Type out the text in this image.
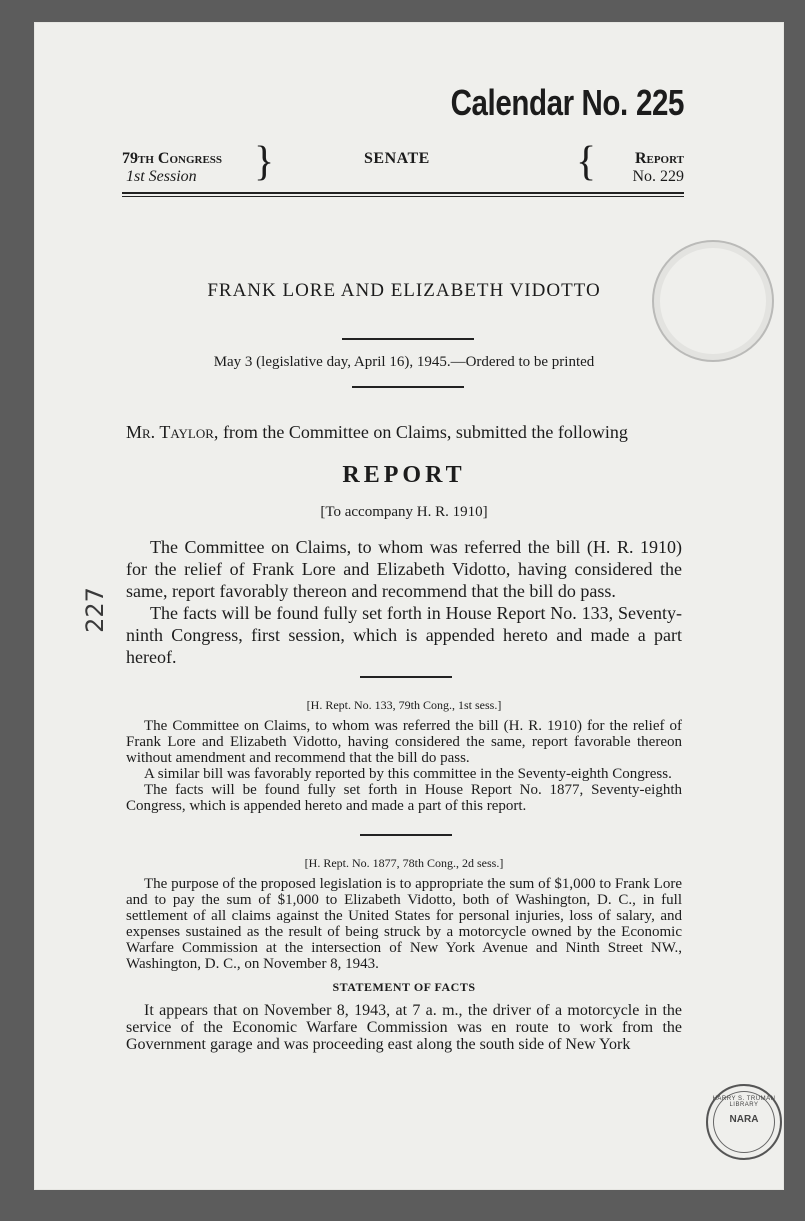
Calendar No. 225
79th Congress
1st Session	}	SENATE	{	Report
No. 229
FRANK LORE AND ELIZABETH VIDOTTO
May 3 (legislative day, April 16), 1945.—Ordered to be printed
Mr. Taylor, from the Committee on Claims, submitted the following
REPORT
[To accompany H. R. 1910]

The Committee on Claims, to whom was referred the bill (H. R. 1910) for the relief of Frank Lore and Elizabeth Vidotto, having considered the same, report favorably thereon and recommend that the bill do pass.

The facts will be found fully set forth in House Report No. 133, Seventy-ninth Congress, first session, which is appended hereto and made a part hereof.

[H. Rept. No. 133, 79th Cong., 1st sess.]

The Committee on Claims, to whom was referred the bill (H. R. 1910) for the relief of Frank Lore and Elizabeth Vidotto, having considered the same, report favorable thereon without amendment and recommend that the bill do pass.

A similar bill was favorably reported by this committee in the Seventy-eighth Congress.

The facts will be found fully set forth in House Report No. 1877, Seventy-eighth Congress, which is appended hereto and made a part of this report.

[H. Rept. No. 1877, 78th Cong., 2d sess.]

The purpose of the proposed legislation is to appropriate the sum of $1,000 to Frank Lore and to pay the sum of $1,000 to Elizabeth Vidotto, both of Washington, D. C., in full settlement of all claims against the United States for personal injuries, loss of salary, and expenses sustained as the result of being struck by a motorcycle owned by the Economic Warfare Commission at the intersection of New York Avenue and Ninth Street NW., Washington, D. C., on November 8, 1943.

STATEMENT OF FACTS

It appears that on November 8, 1943, at 7 a. m., the driver of a motorcycle in the service of the Economic Warfare Commission was en route to work from the Government garage and was proceeding east along the south side of New York

HARRY S. TRUMAN LIBRARY
NARA
227
